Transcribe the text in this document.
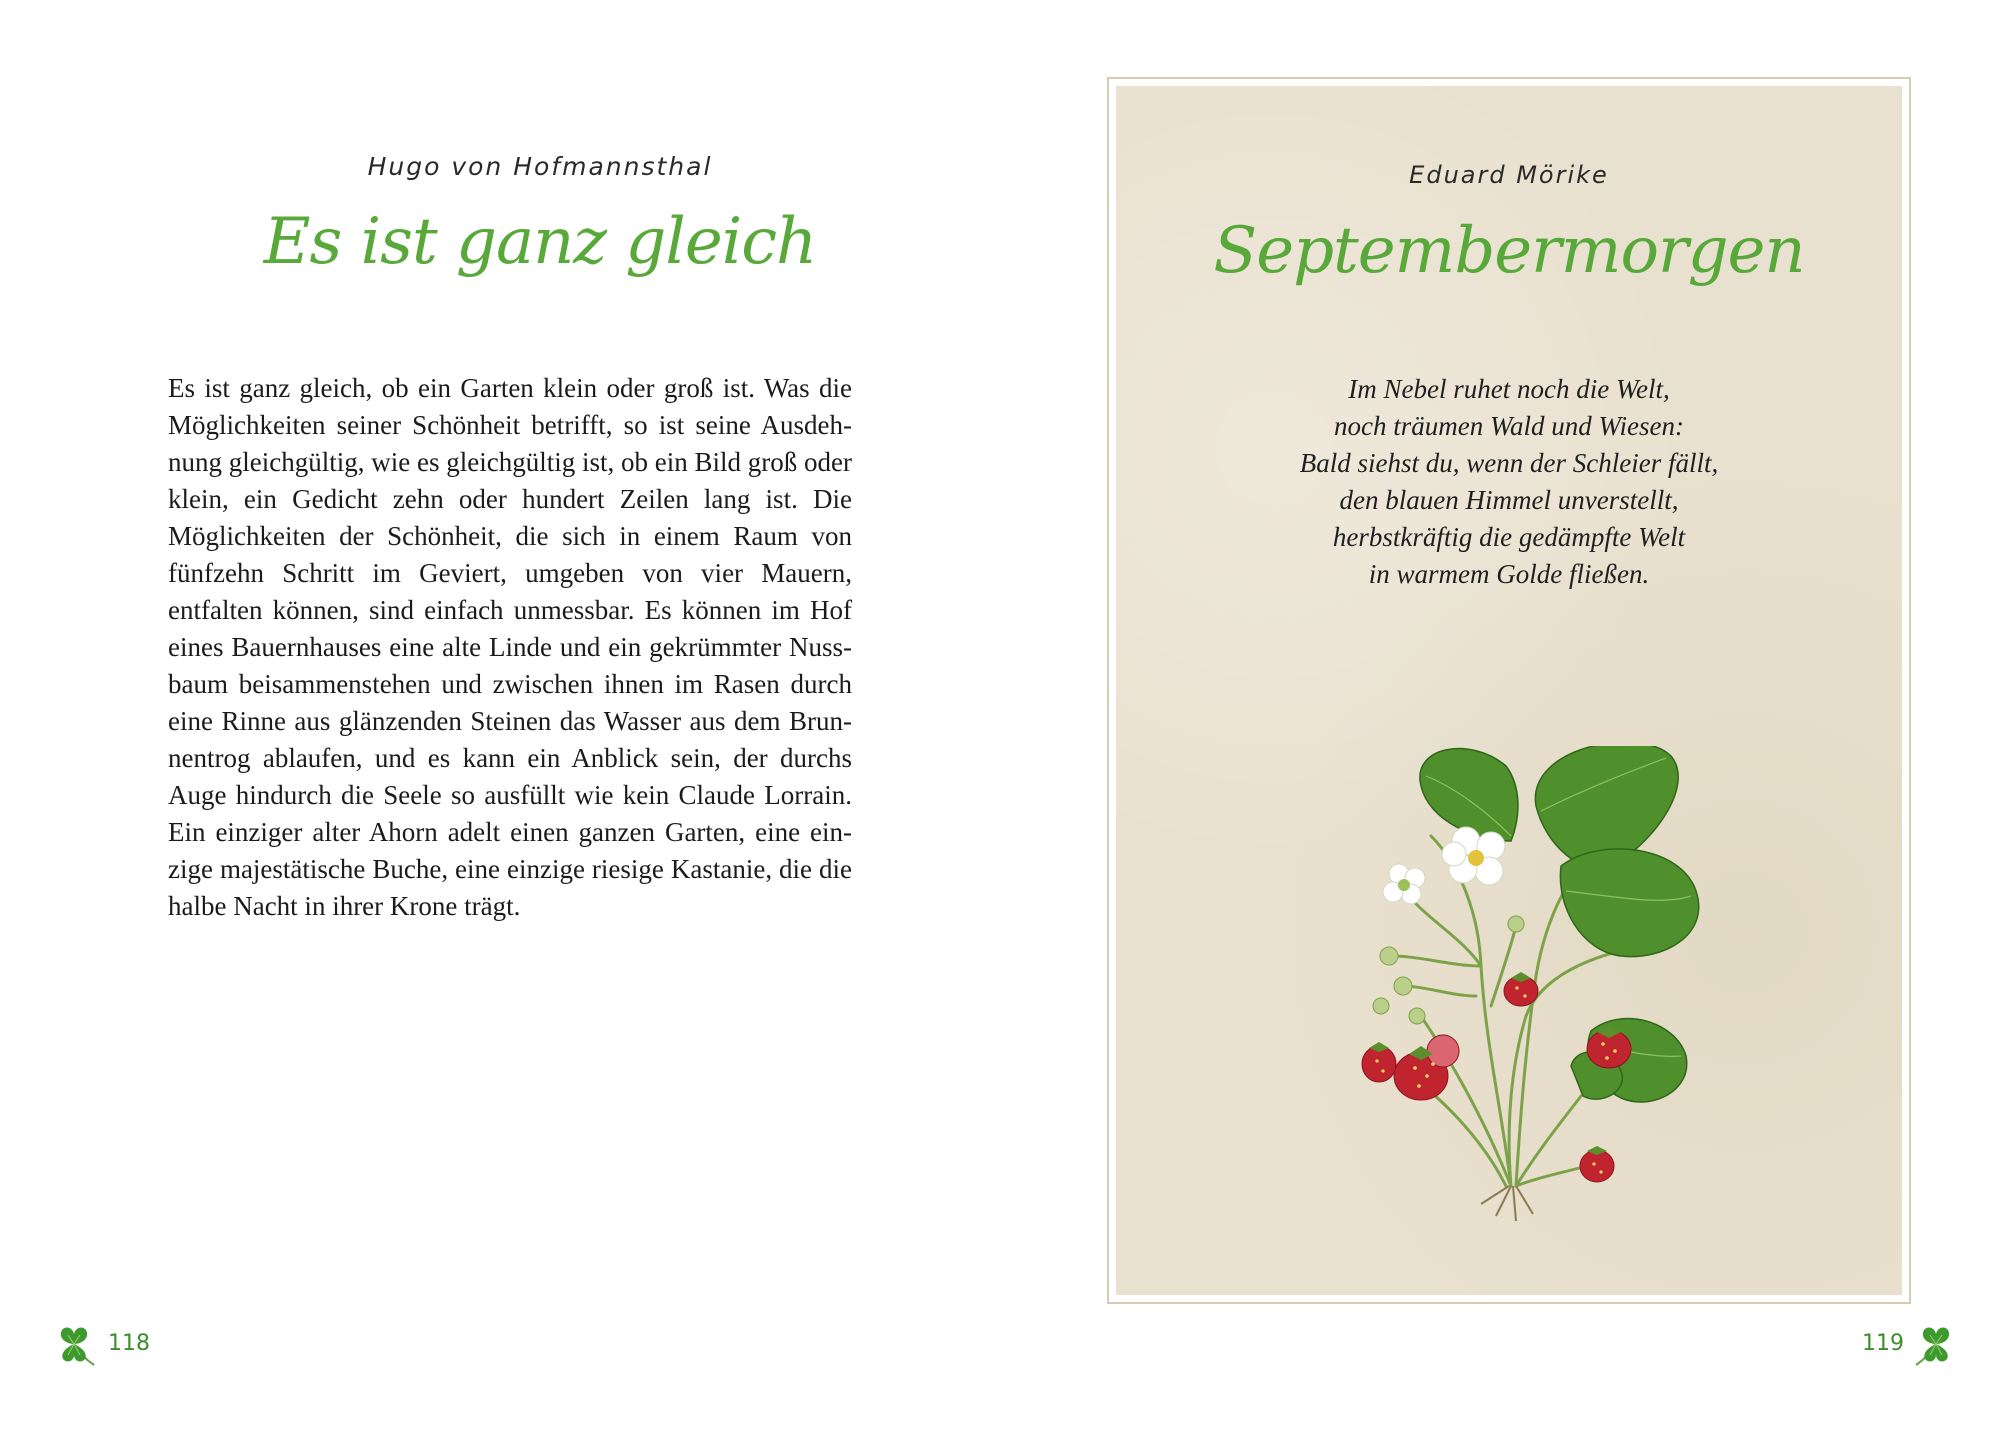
Hugo von Hofmannsthal
Es ist ganz gleich

Es ist ganz gleich, ob ein Garten klein oder groß ist. Was die Möglichkeiten seiner Schönheit betrifft, so ist seine Ausdeh- nung gleichgültig, wie es gleichgültig ist, ob ein Bild groß oder klein, ein Gedicht zehn oder hundert Zeilen lang ist. Die Möglichkeiten der Schönheit, die sich in einem Raum von fünfzehn Schritt im Geviert, umgeben von vier Mauern, entfalten können, sind einfach unmessbar. Es können im Hof eines Bauernhauses eine alte Linde und ein gekrümmter Nuss- baum beisammenstehen und zwischen ihnen im Rasen durch eine Rinne aus glänzenden Steinen das Wasser aus dem Brun- nentrog ablaufen, und es kann ein Anblick sein, der durchs Auge hindurch die Seele so ausfüllt wie kein Claude Lorrain. Ein einziger alter Ahorn adelt einen ganzen Garten, eine ein- zige majestätische Buche, eine einzige riesige Kastanie, die die halbe Nacht in ihrer Krone trägt.

118
Eduard Mörike
Septembermorgen
Im Nebel ruhet noch die Welt,
noch träumen Wald und Wiesen:
Bald siehst du, wenn der Schleier fällt,
den blauen Himmel unverstellt,
herbstkräftig die gedämpfte Welt
in warmem Golde fließen.
119
